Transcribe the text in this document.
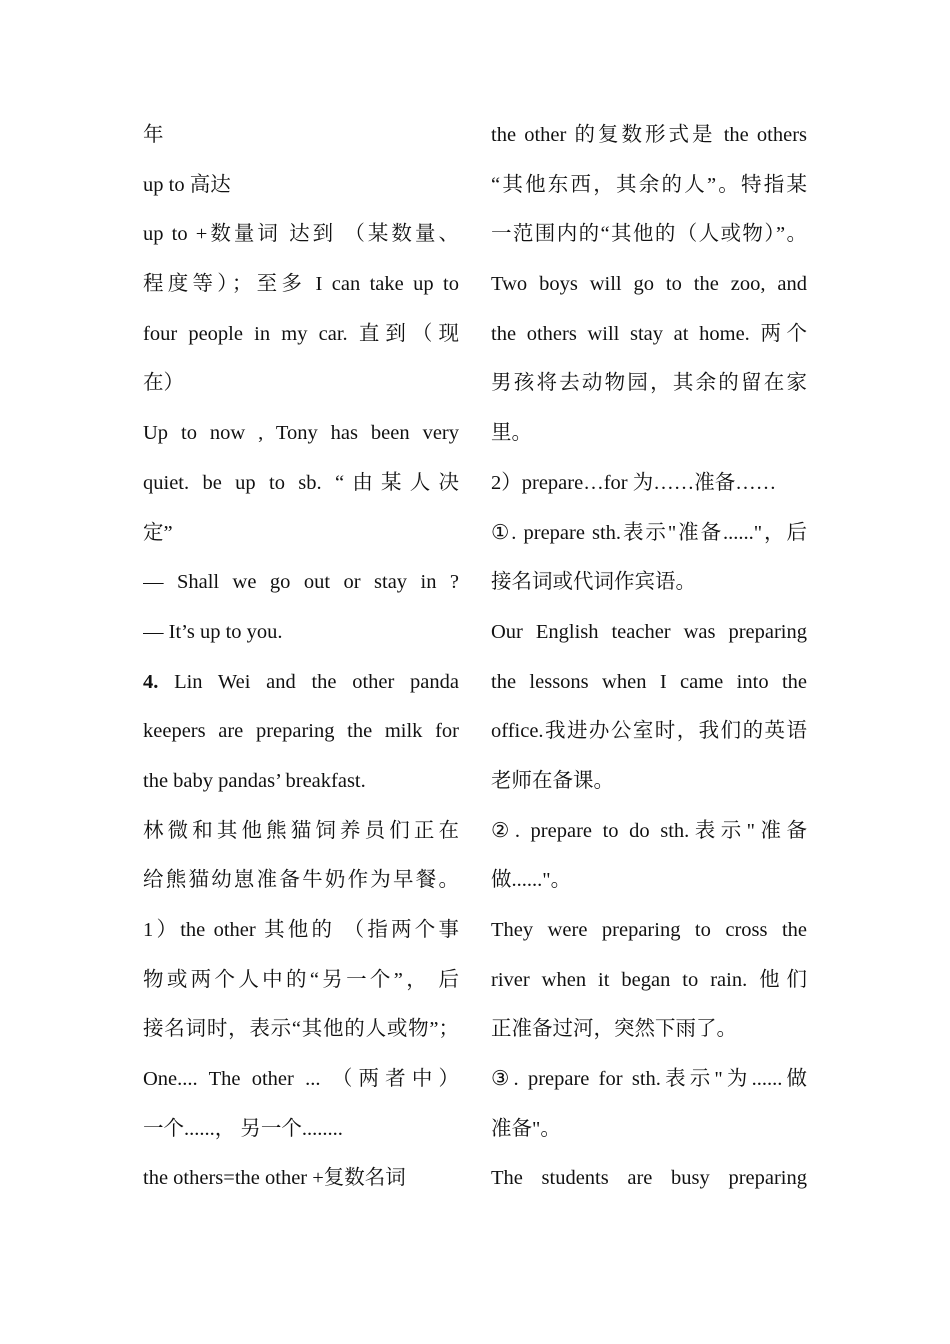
年
up to 高达
up to +数量词 达到 （某数量、
程度等）；至多 I can take up to
four people in my car. 直到（现
在）
Up to now , Tony has been very
quiet. be up to sb. “由某人决
定”
— Shall we go out or stay in ?
— It’s up to you.
4. Lin Wei and the other panda
keepers are preparing the milk for
the baby pandas’ breakfast.
林微和其他熊猫饲养员们正在
给熊猫幼崽准备牛奶作为早餐。
1）the other 其他的 （指两个事
物或两个人中的“另一个”， 后
接名词时，表示“其他的人或物”；
One.... The other ... （两者中）
一个......， 另一个........
the others=the other +复数名词
the other 的复数形式是 the others
“其他东西，其余的人”。特指某
一范围内的“其他的（人或物）”。
Two boys will go to the zoo, and
the others will stay at home. 两个
男孩将去动物园，其余的留在家
里。
2）prepare…for 为……准备……
①. prepare sth.表示"准备......"，后
接名词或代词作宾语。
Our English teacher was preparing
the lessons when I came into the
office.我进办公室时，我们的英语
老师在备课。
②. prepare to do sth.表示"准备
做......"。
They were preparing to cross the
river when it began to rain. 他们
正准备过河，突然下雨了。
③. prepare for sth.表示"为......做
准备"。
The students are busy preparing
